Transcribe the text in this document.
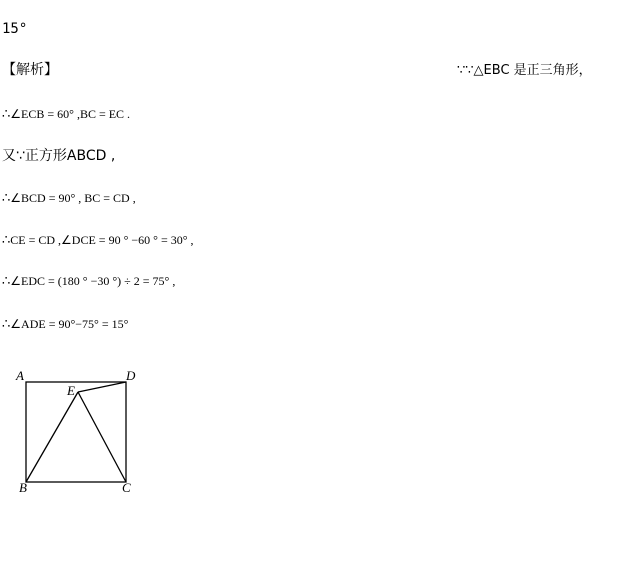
15°
【解析】	∵∵△EBC 是正三角形，
∴∠ECB = 60° ,BC = EC .
又∵正方形ABCD ,
∴∠BCD = 90° , BC = CD ,
∴CE = CD ,∠DCE = 90 ° −60 ° = 30° ,
∴∠EDC = (180 ° −30 °) ÷ 2 = 75° ,
∴∠ADE = 90°−75° = 15°
A	D
E
B	C
